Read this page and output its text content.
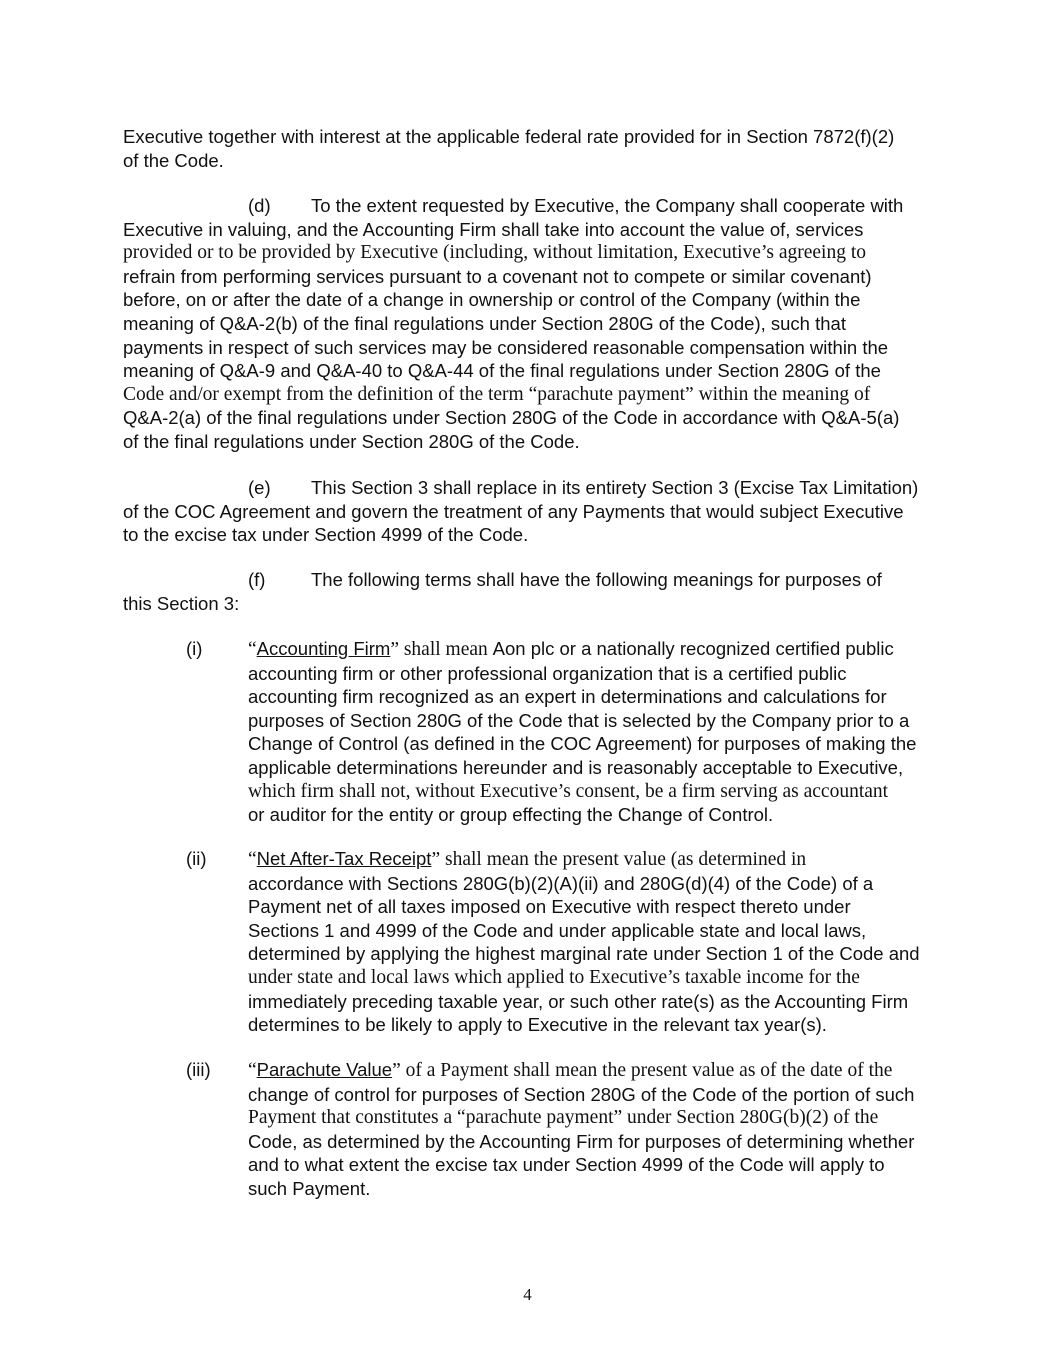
Executive together with interest at the applicable federal rate provided for in Section 7872(f)(2)

of the Code.

(d) To the extent requested by Executive, the Company shall cooperate with

Executive in valuing, and the Accounting Firm shall take into account the value of, services

provided or to be provided by Executive (including, without limitation, Executive’s agreeing to

refrain from performing services pursuant to a covenant not to compete or similar covenant)

before, on or after the date of a change in ownership or control of the Company (within the

meaning of Q&A-2(b) of the final regulations under Section 280G of the Code), such that

payments in respect of such services may be considered reasonable compensation within the

meaning of Q&A-9 and Q&A-40 to Q&A-44 of the final regulations under Section 280G of the

Code and/or exempt from the definition of the term “parachute payment” within the meaning of

Q&A-2(a) of the final regulations under Section 280G of the Code in accordance with Q&A-5(a)

of the final regulations under Section 280G of the Code.

(e) This Section 3 shall replace in its entirety Section 3 (Excise Tax Limitation)

of the COC Agreement and govern the treatment of any Payments that would subject Executive

to the excise tax under Section 4999 of the Code.

(f) The following terms shall have the following meanings for purposes of

this Section 3:

(i)	“Accounting Firm” shall mean Aon plc or a nationally recognized certified public

accounting firm or other professional organization that is a certified public

accounting firm recognized as an expert in determinations and calculations for

purposes of Section 280G of the Code that is selected by the Company prior to a

Change of Control (as defined in the COC Agreement) for purposes of making the

applicable determinations hereunder and is reasonably acceptable to Executive,

which firm shall not, without Executive’s consent, be a firm serving as accountant

or auditor for the entity or group effecting the Change of Control.

(ii)	“Net After-Tax Receipt” shall mean the present value (as determined in

accordance with Sections 280G(b)(2)(A)(ii) and 280G(d)(4) of the Code) of a

Payment net of all taxes imposed on Executive with respect thereto under

Sections 1 and 4999 of the Code and under applicable state and local laws,

determined by applying the highest marginal rate under Section 1 of the Code and

under state and local laws which applied to Executive’s taxable income for the

immediately preceding taxable year, or such other rate(s) as the Accounting Firm

determines to be likely to apply to Executive in the relevant tax year(s).

(iii)	“Parachute Value” of a Payment shall mean the present value as of the date of the

change of control for purposes of Section 280G of the Code of the portion of such

Payment that constitutes a “parachute payment” under Section 280G(b)(2) of the

Code, as determined by the Accounting Firm for purposes of determining whether

and to what extent the excise tax under Section 4999 of the Code will apply to

such Payment.

4
